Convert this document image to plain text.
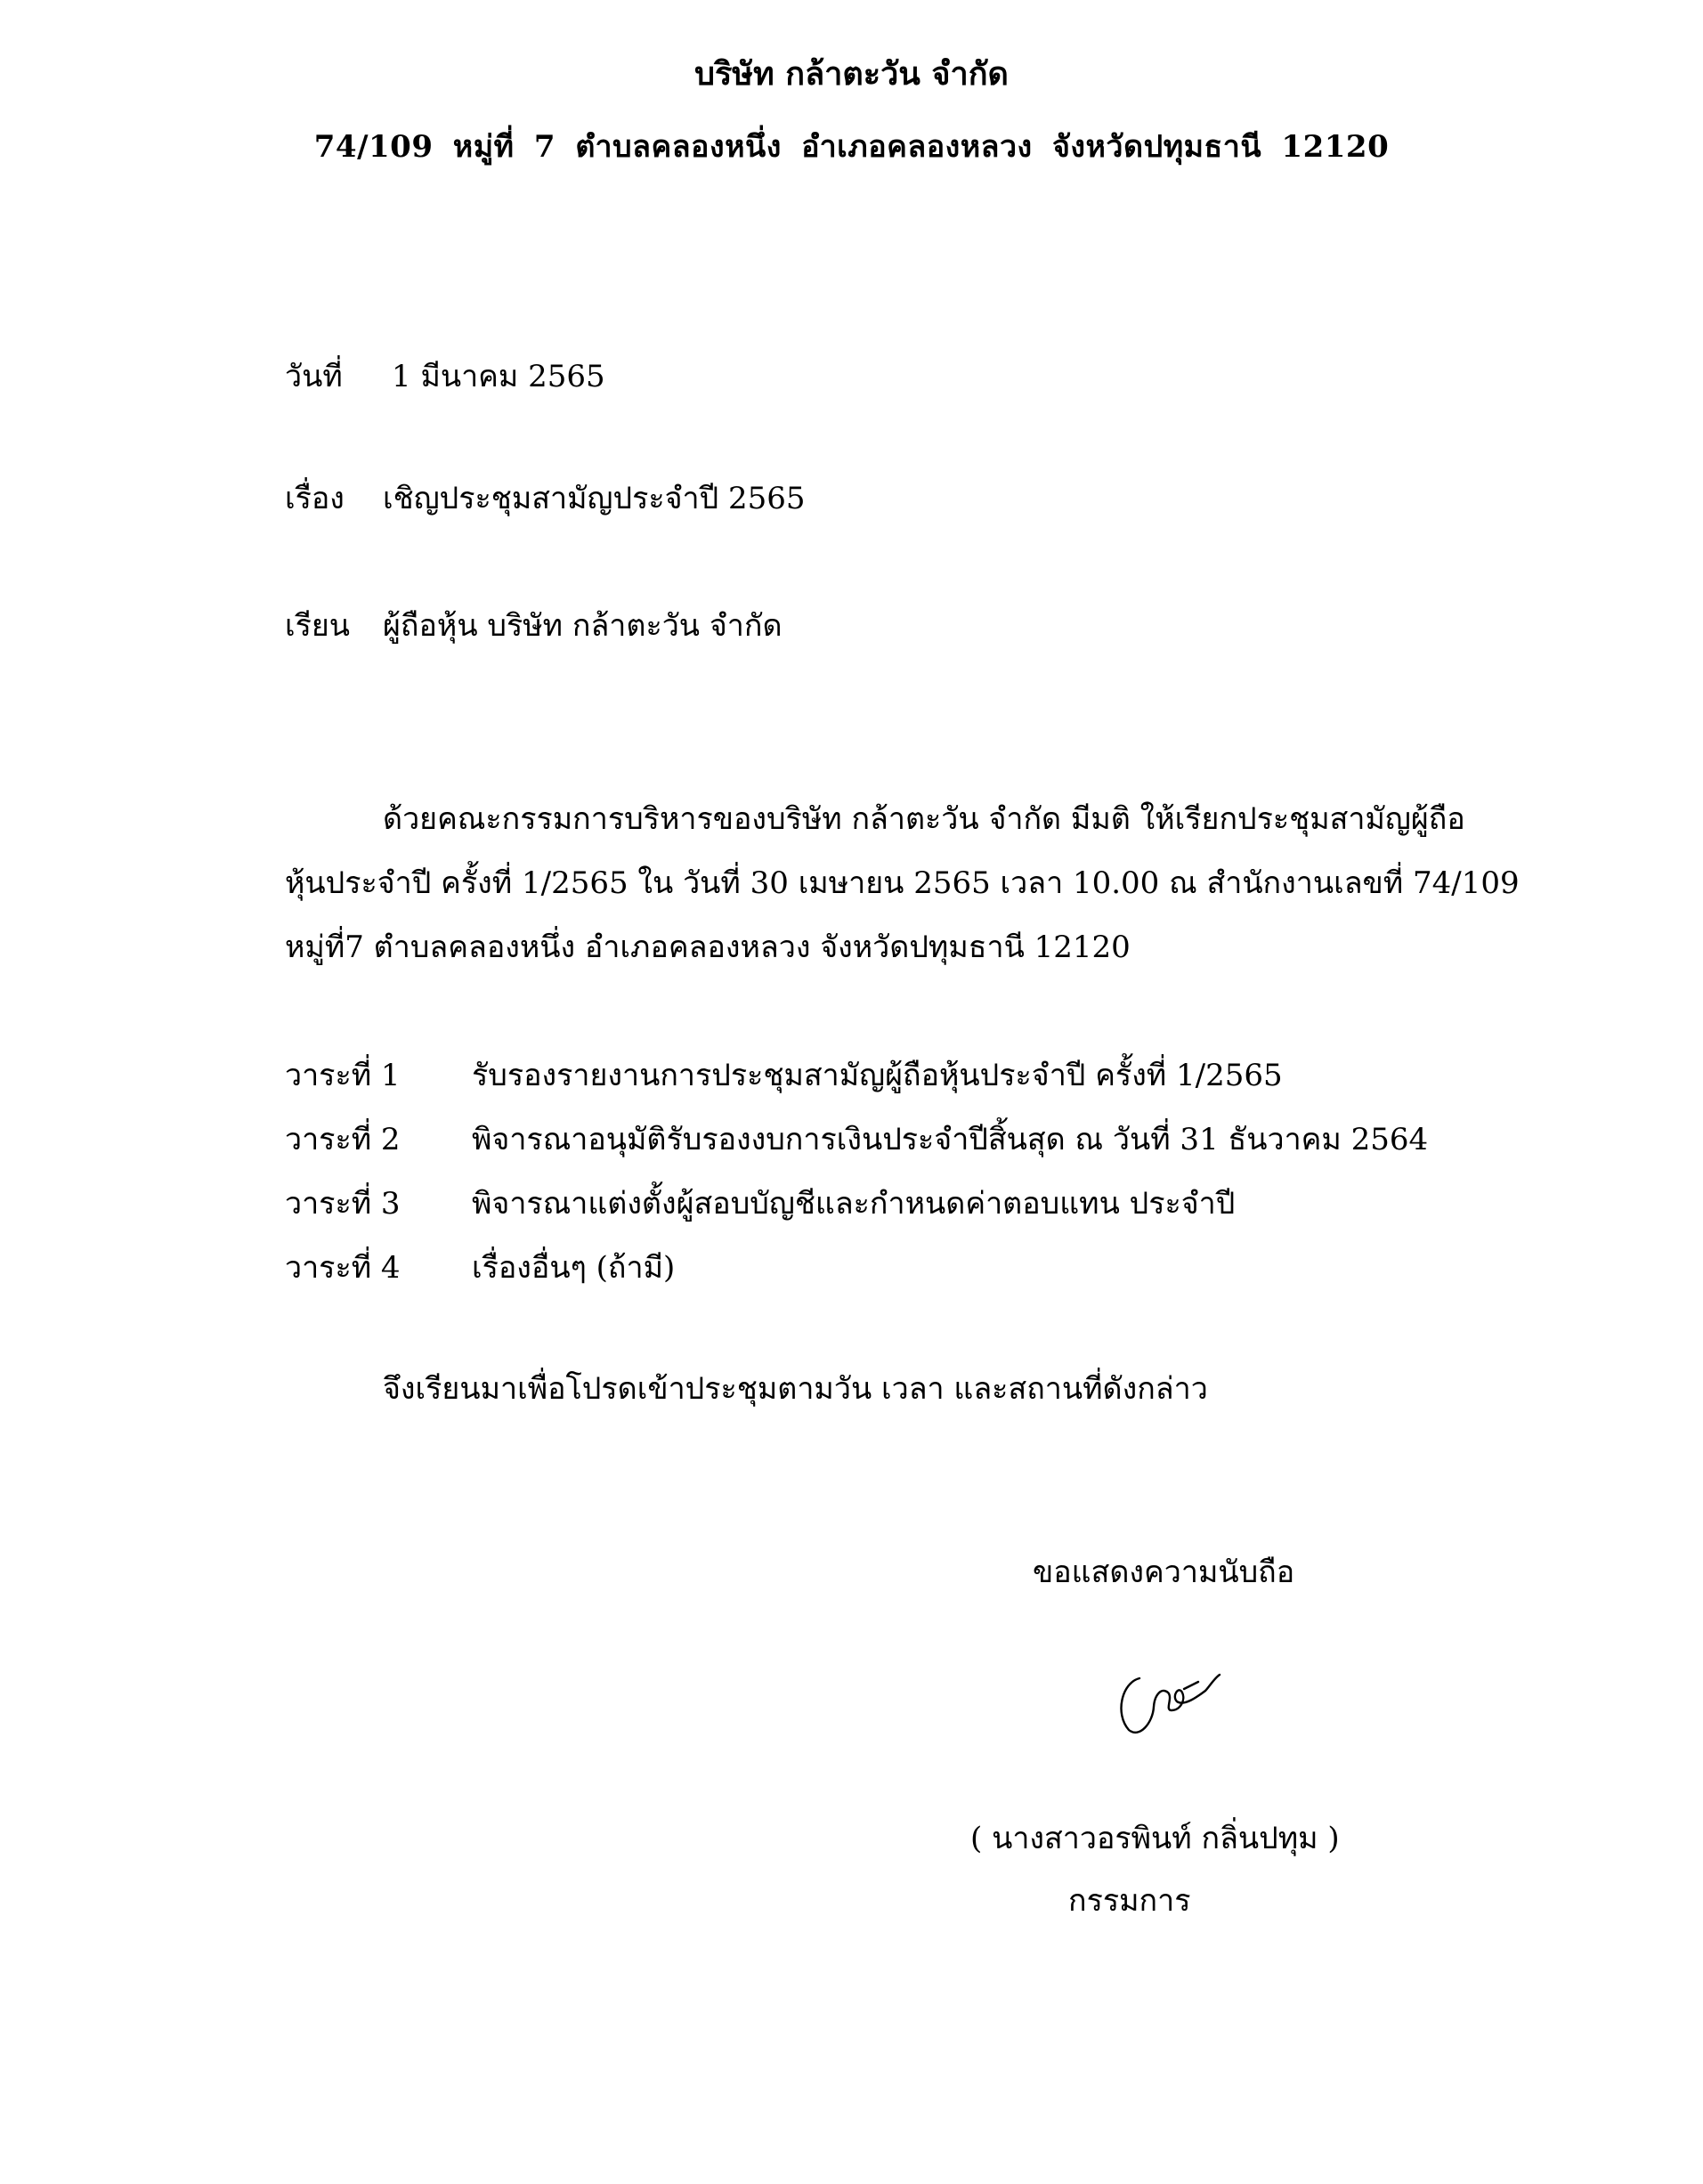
บริษัท กล้าตะวัน จำกัด
74/109 หมู่ที่ 7 ตำบลคลองหนึ่ง อำเภอคลองหลวง จังหวัดปทุมธานี 12120
วันที่ 1 มีนาคม 2565
เรื่อง เชิญประชุมสามัญประจำปี 2565
เรียน ผู้ถือหุ้น บริษัท กล้าตะวัน จำกัด
ด้วยคณะกรรมการบริหารของบริษัท กล้าตะวัน จำกัด มีมติ ให้เรียกประชุมสามัญผู้ถือ
หุ้นประจำปี ครั้งที่ 1/2565 ใน วันที่ 30 เมษายน 2565 เวลา 10.00 ณ สำนักงานเลขที่ 74/109
หมู่ที่7 ตำบลคลองหนึ่ง อำเภอคลองหลวง จังหวัดปทุมธานี 12120
วาระที่ 1 รับรองรายงานการประชุมสามัญผู้ถือหุ้นประจำปี ครั้งที่ 1/2565
วาระที่ 2 พิจารณาอนุมัติรับรองงบการเงินประจำปีสิ้นสุด ณ วันที่ 31 ธันวาคม 2564
วาระที่ 3 พิจารณาแต่งตั้งผู้สอบบัญชีและกำหนดค่าตอบแทน ประจำปี
วาระที่ 4 เรื่องอื่นๆ (ถ้ามี)
จึงเรียนมาเพื่อโปรดเข้าประชุมตามวัน เวลา และสถานที่ดังกล่าว
ขอแสดงความนับถือ
( นางสาวอรพินท์ กลิ่นปทุม )
กรรมการ
